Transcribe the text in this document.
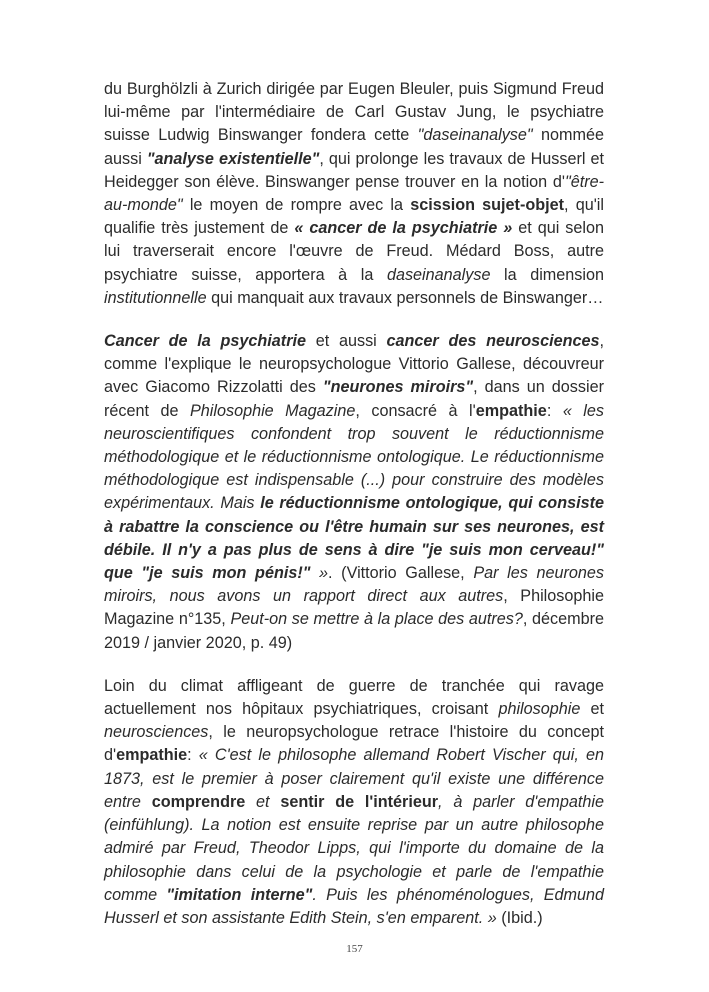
du Burghölzli à Zurich dirigée par Eugen Bleuler, puis Sigmund Freud lui-même par l'intermédiaire de Carl Gustav Jung, le psychiatre suisse Ludwig Binswanger fondera cette "daseinanalyse" nommée aussi "analyse existentielle", qui prolonge les travaux de Husserl et Heidegger son élève. Binswanger pense trouver en la notion d'"être-au-monde" le moyen de rompre avec la scission sujet-objet, qu'il qualifie très justement de « cancer de la psychiatrie » et qui selon lui traverserait encore l'œuvre de Freud. Médard Boss, autre psychiatre suisse, apportera à la daseinanalyse la dimension institutionnelle qui manquait aux travaux personnels de Binswanger…

Cancer de la psychiatrie et aussi cancer des neurosciences, comme l'explique le neuropsychologue Vittorio Gallese, découvreur avec Giacomo Rizzolatti des "neurones miroirs", dans un dossier récent de Philosophie Magazine, consacré à l'empathie: « les neuroscientifiques confondent trop souvent le réductionnisme méthodologique et le réductionnisme ontologique. Le réductionnisme méthodologique est indispensable (...) pour construire des modèles expérimentaux. Mais le réductionnisme ontologique, qui consiste à rabattre la conscience ou l'être humain sur ses neurones, est débile. Il n'y a pas plus de sens à dire "je suis mon cerveau!" que "je suis mon pénis!" ». (Vittorio Gallese, Par les neurones miroirs, nous avons un rapport direct aux autres, Philosophie Magazine n°135, Peut-on se mettre à la place des autres?, décembre 2019 / janvier 2020, p. 49)

Loin du climat affligeant de guerre de tranchée qui ravage actuellement nos hôpitaux psychiatriques, croisant philosophie et neurosciences, le neuropsychologue retrace l'histoire du concept d'empathie: « C'est le philosophe allemand Robert Vischer qui, en 1873, est le premier à poser clairement qu'il existe une différence entre comprendre et sentir de l'intérieur, à parler d'empathie (einfühlung). La notion est ensuite reprise par un autre philosophe admiré par Freud, Theodor Lipps, qui l'importe du domaine de la philosophie dans celui de la psychologie et parle de l'empathie comme "imitation interne". Puis les phénoménologues, Edmund Husserl et son assistante Edith Stein, s'en emparent. » (Ibid.)

157
